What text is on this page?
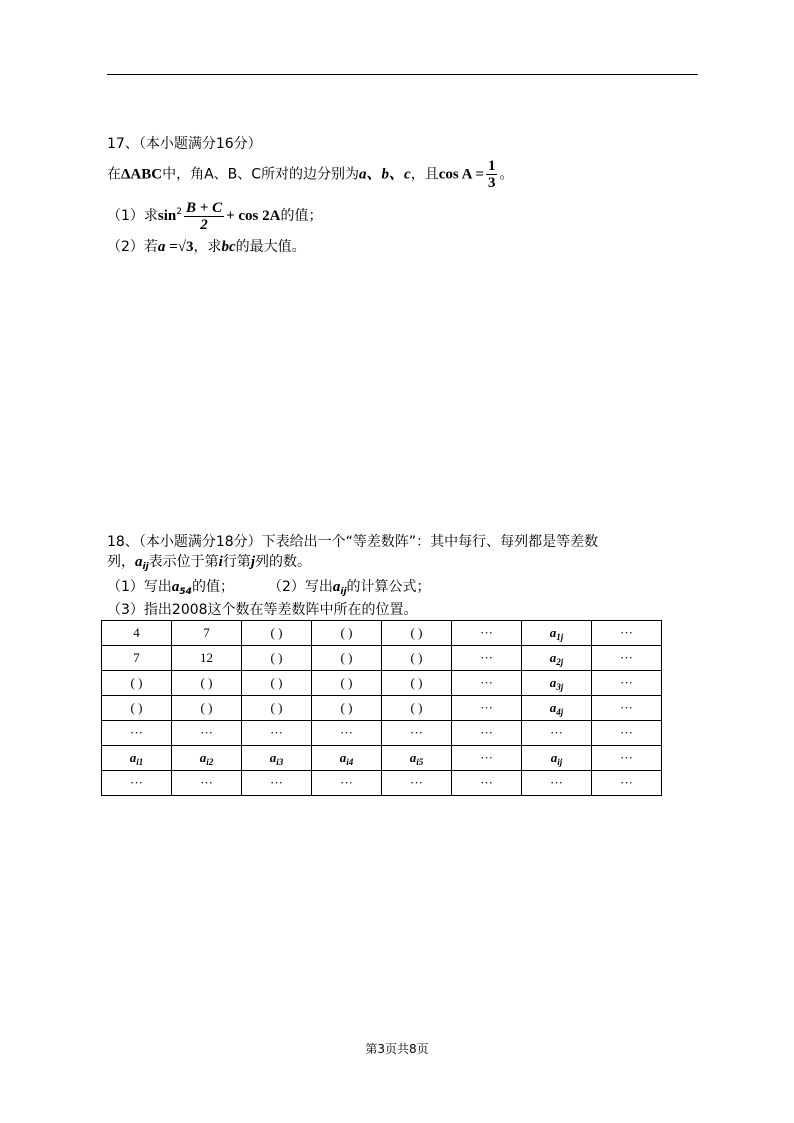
17、（本小题满分16分）
在ΔABC中，角A、B、C所对的边分别为a、b、c，且$\cos A = \frac{1}{3}$ 。
（1）求$\sin^2 \frac{B + C}{2} + \cos 2A$的值；
（2）若a =√3，求bc的最大值。
18、（本小题满分18分）下表给出一个“等差数阵”：其中每行、每列都是等差数
列，$a_{ij}$表示位于第i行第j列的数。
（1）写出$a_{54}$的值； （2）写出$a_{ij}$的计算公式；
（3）指出2008这个数在等差数阵中所在的位置。
4	7	( )	( )	( )	···	$a_{1j}$	···
7	12	( )	( )	( )	···	$a_{2j}$	···
( )	( )	( )	( )	( )	···	$a_{3j}$	···
( )	( )	( )	( )	( )	···	$a_{4j}$	···
···	···	···	···	···	···	···	···
$a_{i1}$	$a_{i2}$	$a_{i3}$	$a_{i4}$	$a_{i5}$	···	$a_{ij}$	···
···	···	···	···	···	···	···	···
第3页共8页
